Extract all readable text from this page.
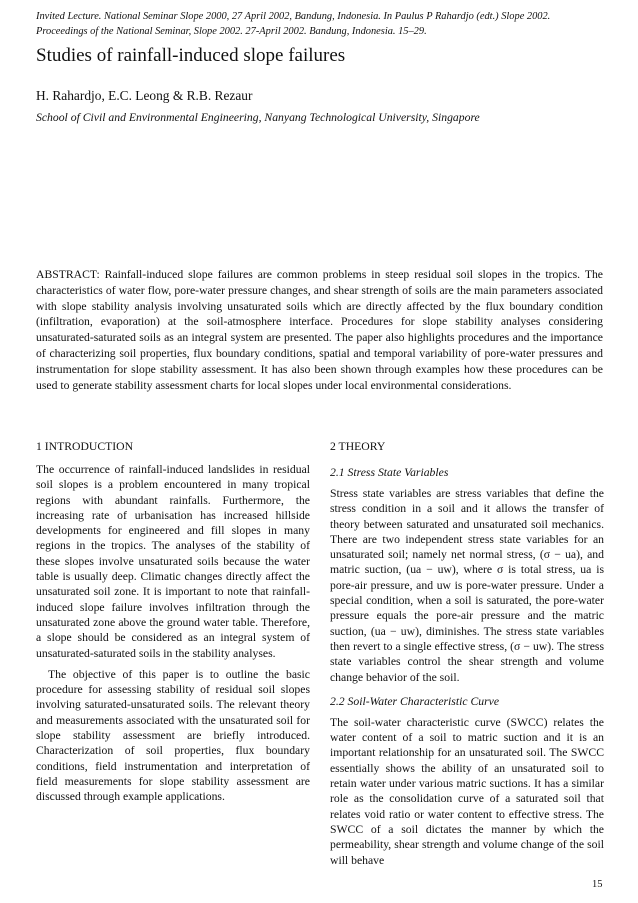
Invited Lecture. National Seminar Slope 2000, 27 April 2002, Bandung, Indonesia. In Paulus P Rahardjo (edt.) Slope 2002.
Proceedings of the National Seminar, Slope 2002. 27-April 2002. Bandung, Indonesia. 15–29.
Studies of rainfall-induced slope failures
H. Rahardjo, E.C. Leong & R.B. Rezaur
School of Civil and Environmental Engineering, Nanyang Technological University, Singapore

ABSTRACT: Rainfall-induced slope failures are common problems in steep residual soil slopes in the tropics. The characteristics of water flow, pore-water pressure changes, and shear strength of soils are the main parameters associated with slope stability analysis involving unsaturated soils which are directly affected by the flux boundary condition (infiltration, evaporation) at the soil-atmosphere interface. Procedures for slope stability analyses considering unsaturated-saturated soils as an integral system are presented. The paper also highlights procedures and the importance of characterizing soil properties, flux boundary conditions, spatial and temporal variability of pore-water pressures and instrumentation for slope stability assessment. It has also been shown through examples how these procedures can be used to generate stability assessment charts for local slopes under local environmental considerations.

1 INTRODUCTION

The occurrence of rainfall-induced landslides in residual soil slopes is a problem encountered in many tropical regions with abundant rainfalls. Furthermore, the increasing rate of urbanisation has increased hillside developments for engineered and fill slopes in many regions in the tropics. The analyses of the stability of these slopes involve unsaturated soils because the water table is usually deep. Climatic changes directly affect the unsaturated soil zone. It is important to note that rainfall-induced slope failure involves infiltration through the unsaturated zone above the ground water table. Therefore, a slope should be considered as an integral system of unsaturated-saturated soils in the stability analyses.

The objective of this paper is to outline the basic procedure for assessing stability of residual soil slopes involving saturated-unsaturated soils. The relevant theory and measurements associated with the unsaturated soil for slope stability assessment are briefly introduced. Characterization of soil properties, flux boundary conditions, field instrumentation and interpretation of field measurements for slope stability assessment are discussed through example applications.

2 THEORY
2.1 Stress State Variables

Stress state variables are stress variables that define the stress condition in a soil and it allows the transfer of theory between saturated and unsaturated soil mechanics. There are two independent stress state variables for an unsaturated soil; namely net normal stress, (σ − ua), and matric suction, (ua − uw), where σ is total stress, ua is pore-air pressure, and uw is pore-water pressure. Under a special condition, when a soil is saturated, the pore-water pressure equals the pore-air pressure and the matric suction, (ua − uw), diminishes. The stress state variables then revert to a single effective stress, (σ − uw). The stress state variables control the shear strength and volume change behavior of the soil.

2.2 Soil-Water Characteristic Curve

The soil-water characteristic curve (SWCC) relates the water content of a soil to matric suction and it is an important relationship for an unsaturated soil. The SWCC essentially shows the ability of an unsaturated soil to retain water under various matric suctions. It has a similar role as the consolidation curve of a saturated soil that relates void ratio or water content to effective stress. The SWCC of a soil dictates the manner by which the permeability, shear strength and volume change of the soil will behave

15
